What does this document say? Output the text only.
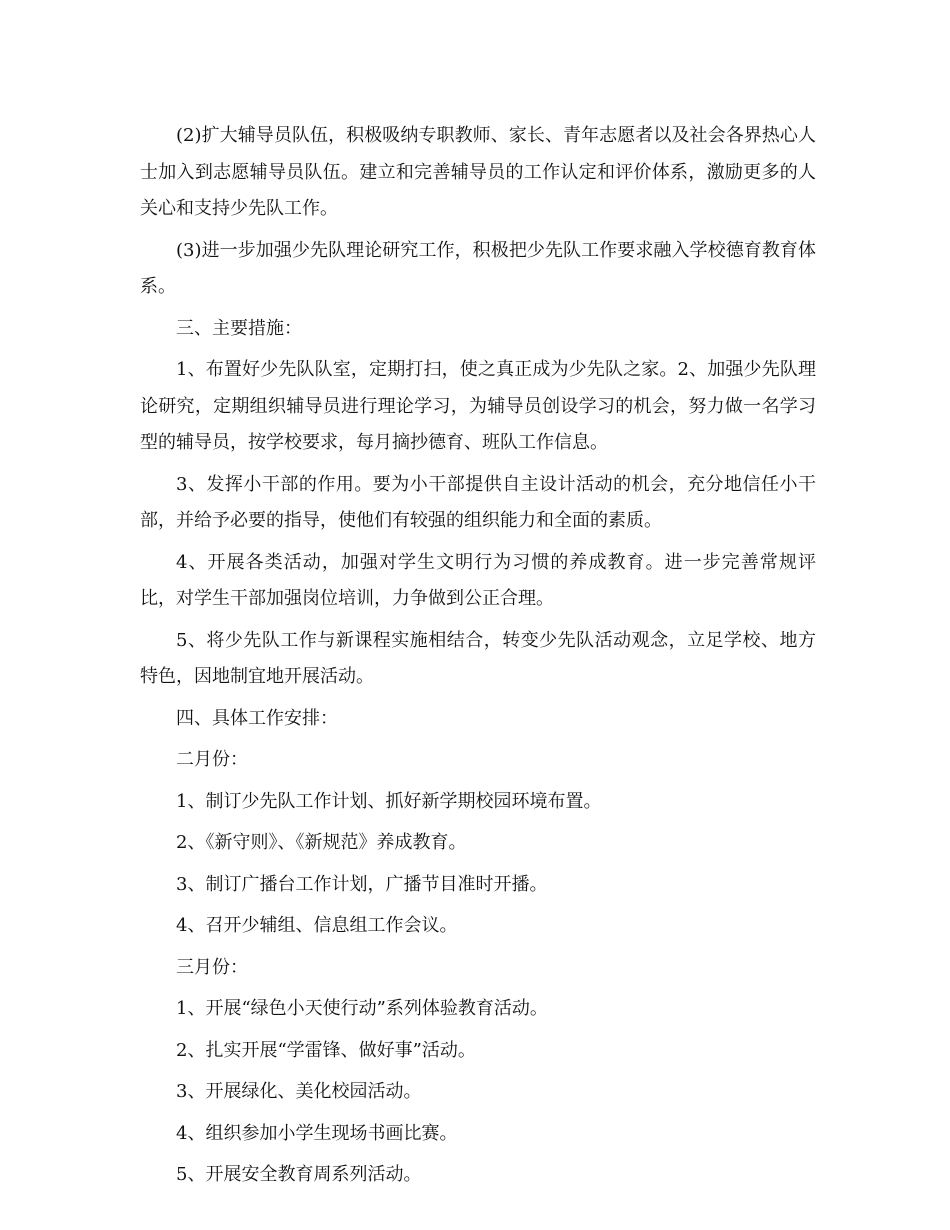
(2)扩大辅导员队伍，积极吸纳专职教师、家长、青年志愿者以及社会各界热心人士加入到志愿辅导员队伍。建立和完善辅导员的工作认定和评价体系，激励更多的人关心和支持少先队工作。

(3)进一步加强少先队理论研究工作，积极把少先队工作要求融入学校德育教育体系。

三、主要措施：

1、布置好少先队队室，定期打扫，使之真正成为少先队之家。2、加强少先队理论研究，定期组织辅导员进行理论学习，为辅导员创设学习的机会，努力做一名学习型的辅导员，按学校要求，每月摘抄德育、班队工作信息。

3、发挥小干部的作用。要为小干部提供自主设计活动的机会，充分地信任小干部，并给予必要的指导，使他们有较强的组织能力和全面的素质。

4、开展各类活动，加强对学生文明行为习惯的养成教育。进一步完善常规评比，对学生干部加强岗位培训，力争做到公正合理。

5、将少先队工作与新课程实施相结合，转变少先队活动观念，立足学校、地方特色，因地制宜地开展活动。

四、具体工作安排：

二月份：

1、制订少先队工作计划、抓好新学期校园环境布置。

2、《新守则》、《新规范》养成教育。

3、制订广播台工作计划，广播节目准时开播。

4、召开少辅组、信息组工作会议。

三月份：

1、开展“绿色小天使行动”系列体验教育活动。

2、扎实开展“学雷锋、做好事”活动。

3、开展绿化、美化校园活动。

4、组织参加小学生现场书画比赛。

5、开展安全教育周系列活动。
